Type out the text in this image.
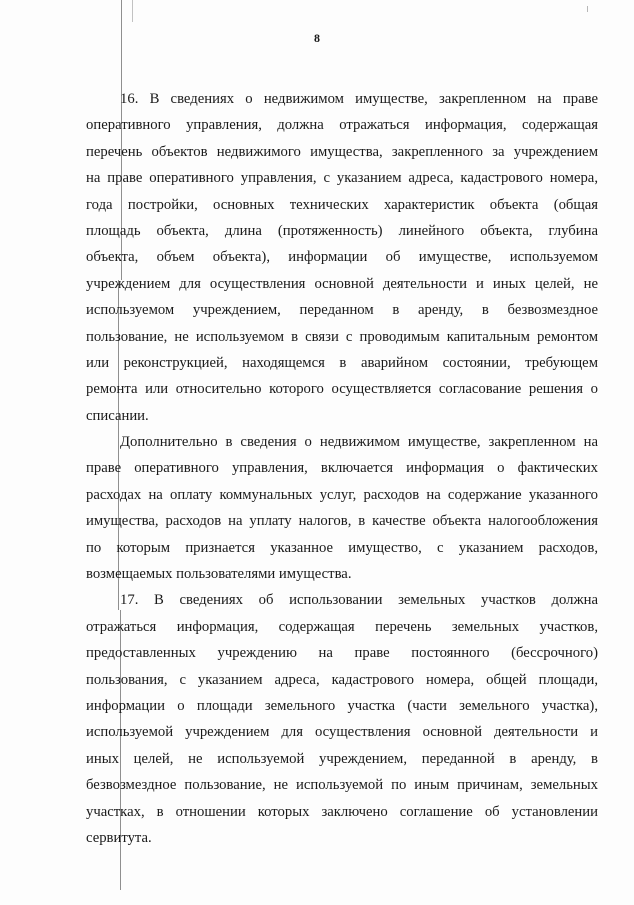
8
16. В сведениях о недвижимом имуществе, закрепленном на праве
оперативного управления, должна отражаться информация, содержащая
перечень объектов недвижимого имущества, закрепленного за учреждением
на праве оперативного управления, с указанием адреса, кадастрового номера,
года постройки, основных технических характеристик объекта (общая
площадь объекта, длина (протяженность) линейного объекта, глубина
объекта, объем объекта), информации об имуществе, используемом
учреждением для осуществления основной деятельности и иных целей, не
используемом учреждением, переданном в аренду, в безвозмездное
пользование, не используемом в связи с проводимым капитальным ремонтом
или реконструкцией, находящемся в аварийном состоянии, требующем
ремонта или относительно которого осуществляется согласование решения о
списании.
Дополнительно в сведения о недвижимом имуществе, закрепленном на
праве оперативного управления, включается информация о фактических
расходах на оплату коммунальных услуг, расходов на содержание указанного
имущества, расходов на уплату налогов, в качестве объекта налогообложения
по которым признается указанное имущество, с указанием расходов,
возмещаемых пользователями имущества.
17. В сведениях об использовании земельных участков должна
отражаться информация, содержащая перечень земельных участков,
предоставленных учреждению на праве постоянного (бессрочного)
пользования, с указанием адреса, кадастрового номера, общей площади,
информации о площади земельного участка (части земельного участка),
используемой учреждением для осуществления основной деятельности и
иных целей, не используемой учреждением, переданной в аренду, в
безвозмездное пользование, не используемой по иным причинам, земельных
участках, в отношении которых заключено соглашение об установлении
сервитута.
